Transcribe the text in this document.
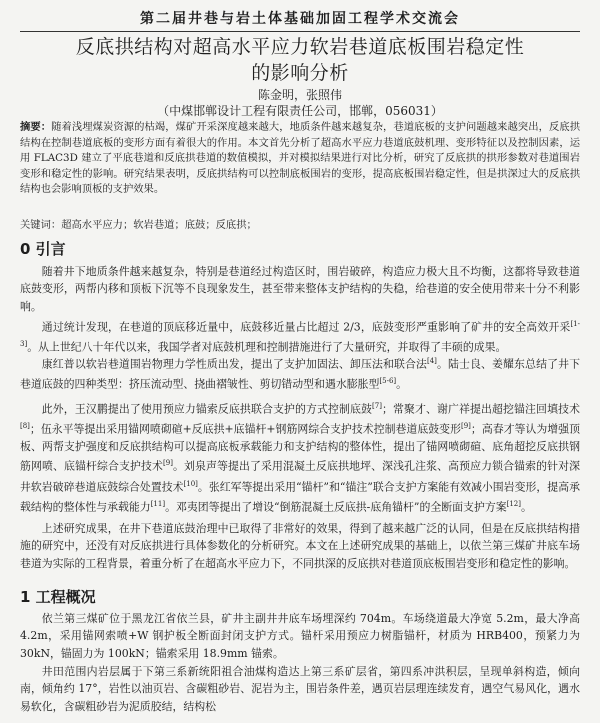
第二届井巷与岩土体基础加固工程学术交流会
反底拱结构对超高水平应力软岩巷道底板围岩稳定性
的影响分析
陈金明，张照伟
（中煤邯郸设计工程有限责任公司，邯郸，056031）
摘要：随着浅埋煤炭资源的枯竭，煤矿开采深度越来越大，地质条件越来越复杂，巷道底板的支护问题越来越突出，反底拱结构在控制巷道底板的变形方面有着很大的作用。本文首先分析了超高水平应力巷道底鼓机理、变形特征以及控制因素，运用 FLAC3D 建立了平底巷道和反底拱巷道的数值模拟，并对模拟结果进行对比分析，研究了反底拱的拱形参数对巷道围岩变形和稳定性的影响。研究结果表明，反底拱结构可以控制底板围岩的变形，提高底板围岩稳定性，但是拱深过大的反底拱结构也会影响顶板的支护效果。
关键词：超高水平应力；软岩巷道；底鼓；反底拱；
0 引言

随着井下地质条件越来越复杂，特别是巷道经过构造区时，围岩破碎，构造应力极大且不均衡，这都将导致巷道底鼓变形，两帮内移和顶板下沉等不良现象发生，甚至带来整体支护结构的失稳，给巷道的安全使用带来十分不利影响。

通过统计发现，在巷道的顶底移近量中，底鼓移近量占比超过 2/3，底鼓变形严重影响了矿井的安全高效开采[1-3]。从上世纪八十年代以来，我国学者对底鼓机理和控制措施进行了大量研究，并取得了丰硕的成果。

康红普以软岩巷道围岩物理力学性质出发，提出了支护加固法、卸压法和联合法[4]。陆士良、姜耀东总结了井下巷道底鼓的四种类型：挤压流动型、挠曲褶皱性、剪切错动型和遇水膨胀型[5-6]。

此外，王汉鹏提出了使用预应力锚索反底拱联合支护的方式控制底鼓[7]；常聚才、谢广祥提出超挖锚注回填技术[8]；伍永平等提出采用锚网喷砌碹+反底拱+底锚杆+钢筋网综合支护技术控制巷道底鼓变形[9]；高春才等认为增强顶板、两帮支护强度和反底拱结构可以提高底板承载能力和支护结构的整体性，提出了锚网喷砌碹、底角超挖反底拱钢筋网喷、底锚杆综合支护技术[9]。刘泉声等提出了采用混凝土反底拱地坪、深浅孔注浆、高预应力锁合锚索的针对深井软岩破碎巷道底鼓综合处置技术[10]。张红军等提出采用“锚杆”和“锚注”联合支护方案能有效减小围岩变形，提高承载结构的整体性与承载能力[11]。邓夷团等提出了增设“倒筋混凝土反底拱-底角锚杆”的全断面支护方案[12]。

上述研究成果，在井下巷道底鼓治理中已取得了非常好的效果，得到了越来越广泛的认同，但是在反底拱结构措施的研究中，还没有对反底拱进行具体参数化的分析研究。本文在上述研究成果的基础上，以依兰第三煤矿井底车场巷道为实际的工程背景，着重分析了在超高水平应力下，不同拱深的反底拱对巷道顶底板围岩变形和稳定性的影响。

1 工程概况

依兰第三煤矿位于黑龙江省依兰县，矿井主副井井底车场埋深约 704m。车场绕道最大净宽 5.2m，最大净高 4.2m，采用锚网索喷+W 钢护板全断面封闭支护方式。锚杆采用预应力树脂锚杆，材质为 HRB400，预紧力为 30kN，锚固力为 100kN；锚索采用 18.9mm 锚索。

井田范围内岩层属于下第三系新统阳祖合油煤构造达上第三系矿层省，第四系冲洪积层，呈现单斜构造，倾向南，倾角约 17°，岩性以油页岩、含碳粗砂岩、泥岩为主，围岩条件差，遇页岩层理连续发育，遇空气易风化，遇水易软化，含碳粗砂岩为泥质胶结，结构松
